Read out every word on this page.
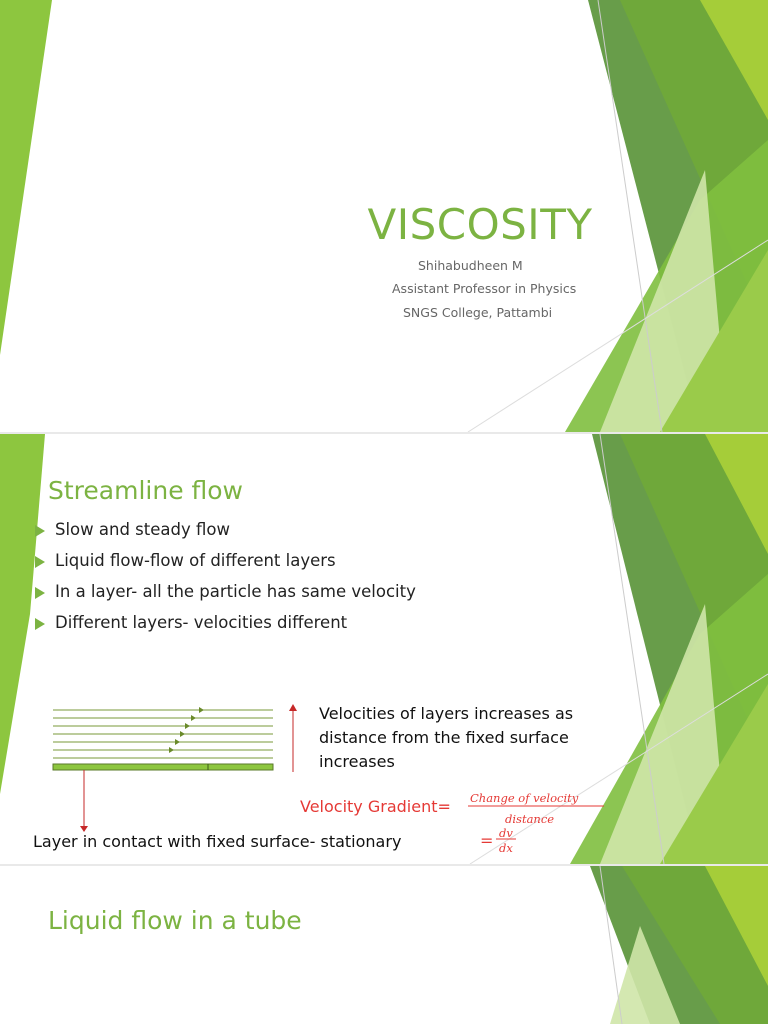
VISCOSITY
Shihabudheen M
Assistant Professor in Physics
SNGS College, Pattambi
Streamline flow
Slow and steady flow
Liquid flow-flow of different layers
In a layer- all the particle has same velocity
Different layers- velocities different
Velocities of layers increases as
distance from the fixed surface
increases
Velocity Gradient= Change of velocity
distance
= dv
dx
Layer in contact with fixed surface- stationary
Liquid flow in a tube
